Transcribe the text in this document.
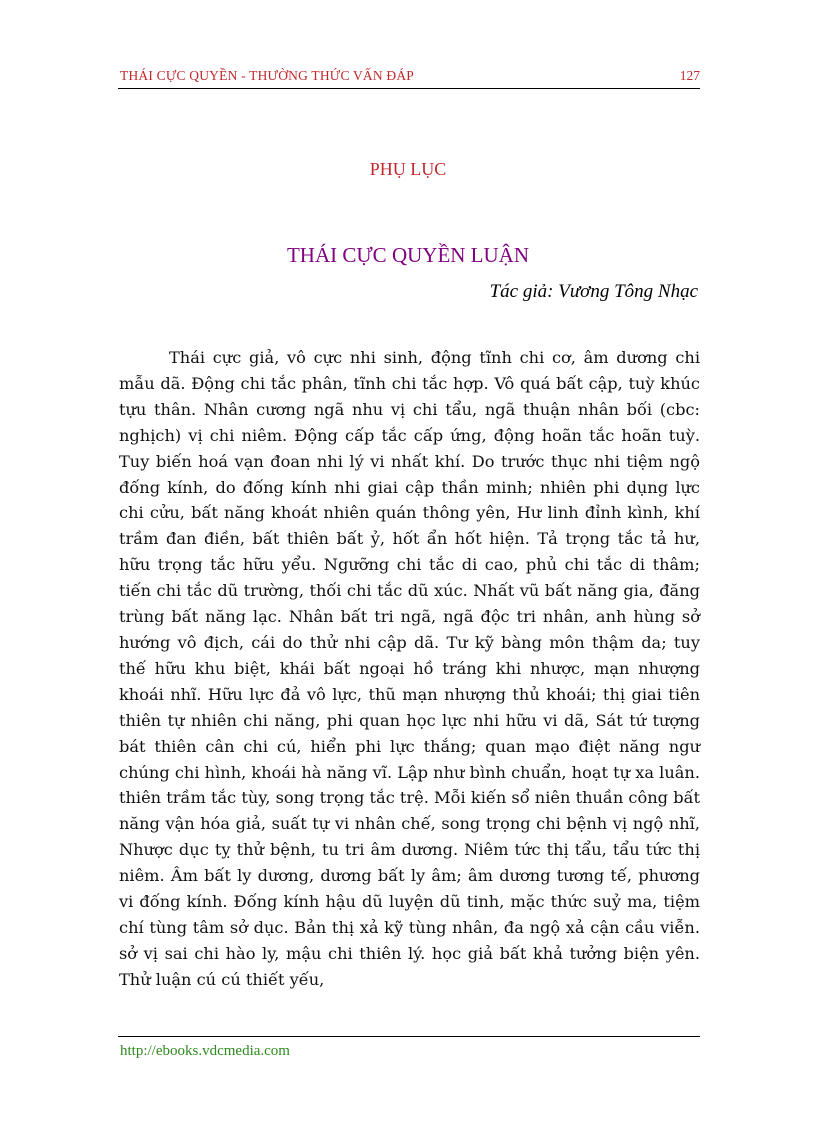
THÁI CỰC QUYỀN - THƯỜNG THỨC VẤN ĐÁP	127
PHỤ LỤC
THÁI CỰC QUYỀN LUẬN
Tác giả: Vương Tông Nhạc

Thái cực giả, vô cực nhi sinh, động tĩnh chi cơ, âm dương chi mẫu dã. Động chi tắc phân, tĩnh chi tắc hợp. Vô quá bất cập, tuỳ khúc tựu thân. Nhân cương ngã nhu vị chi tẩu, ngã thuận nhân bối (cbc: nghịch) vị chi niêm. Động cấp tắc cấp ứng, động hoãn tắc hoãn tuỳ. Tuy biến hoá vạn đoan nhi lý vi nhất khí. Do trước thục nhi tiệm ngộ đống kính, do đống kính nhi giai cập thần minh; nhiên phi dụng lực chi cửu, bất năng khoát nhiên quán thông yên, Hư linh đỉnh kình, khí trầm đan điền, bất thiên bất ỷ, hốt ẩn hốt hiện. Tả trọng tắc tả hư, hữu trọng tắc hữu yểu. Ngưỡng chi tắc di cao, phủ chi tắc di thâm; tiến chi tắc dũ trường, thối chi tắc dũ xúc. Nhất vũ bất năng gia, đăng trùng bất năng lạc. Nhân bất tri ngã, ngã độc tri nhân, anh hùng sở hướng vô địch, cái do thử nhi cập dã. Tư kỹ bàng môn thậm da; tuy thế hữu khu biệt, khái bất ngoại hồ tráng khi nhược, mạn nhượng khoái nhĩ. Hữu lực đả vô lực, thũ mạn nhượng thủ khoái; thị giai tiên thiên tự nhiên chi năng, phi quan học lực nhi hữu vi dã, Sát tứ tượng bát thiên cân chi cú, hiển phi lực thắng; quan mạo điệt năng ngư chúng chi hình, khoái hà năng vĩ. Lập như bình chuẩn, hoạt tự xa luân. thiên trầm tắc tùy, song trọng tắc trệ. Mỗi kiến sổ niên thuần công bất năng vận hóa giả, suất tự vi nhân chế, song trọng chi bệnh vị ngộ nhĩ, Nhược dục tỵ thử bệnh, tu tri âm dương. Niêm tức thị tẩu, tẩu tức thị niêm. Âm bất ly dương, dương bất ly âm; âm dương tương tế, phương vi đống kính. Đống kính hậu dũ luyện dũ tinh, mặc thức suỷ ma, tiệm chí tùng tâm sở dục. Bản thị xả kỹ tùng nhân, đa ngộ xả cận cầu viễn. sở vị sai chi hào ly, mậu chi thiên lý. học giả bất khả tưởng biện yên. Thử luận cú cú thiết yếu,

http://ebooks.vdcmedia.com
